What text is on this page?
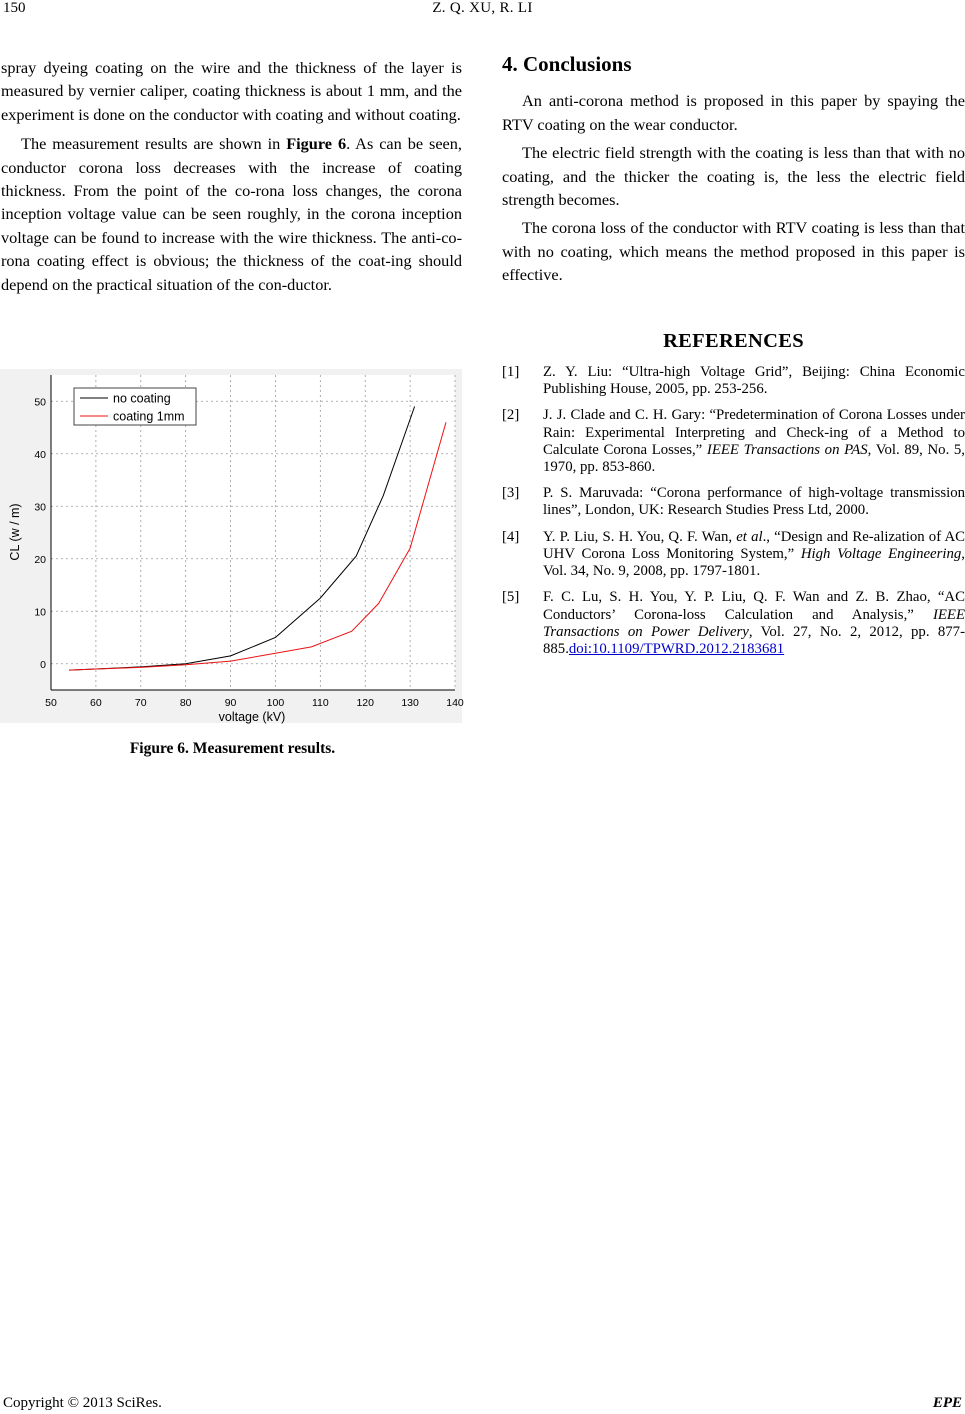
150	Z. Q. XU, R. LI

spray dyeing coating on the wire and the thickness of the layer is measured by vernier caliper, coating thickness is about 1 mm, and the experiment is done on the conductor with coating and without coating.

The measurement results are shown in Figure 6. As can be seen, conductor corona loss decreases with the increase of coating thickness. From the point of the co-rona loss changes, the corona inception voltage value can be seen roughly, in the corona inception voltage can be found to increase with the wire thickness. The anti-co-rona coating effect is obvious; the thickness of the coat-ing should depend on the practical situation of the con-ductor.

50	60	70	80	90	100	110	120	130	140
0
10
20
30
40
50
voltage (kV)
CL (w / m)
no coating
coating 1mm
Figure 6. Measurement results.
4. Conclusions

An anti-corona method is proposed in this paper by spaying the RTV coating on the wear conductor.

The electric field strength with the coating is less than that with no coating, and the thicker the coating is, the less the electric field strength becomes.

The corona loss of the conductor with RTV coating is less than that with no coating, which means the method proposed in this paper is effective.

REFERENCES
[1] Z. Y. Liu: “Ultra-high Voltage Grid”, Beijing: China Economic Publishing House, 2005, pp. 253-256.
[2] J. J. Clade and C. H. Gary: “Predetermination of Corona Losses under Rain: Experimental Interpreting and Check-ing of a Method to Calculate Corona Losses,” IEEE Transactions on PAS, Vol. 89, No. 5, 1970, pp. 853-860.
[3] P. S. Maruvada: “Corona performance of high-voltage transmission lines”, London, UK: Research Studies Press Ltd, 2000.
[4] Y. P. Liu, S. H. You, Q. F. Wan, et al., “Design and Re-alization of AC UHV Corona Loss Monitoring System,” High Voltage Engineering, Vol. 34, No. 9, 2008, pp. 1797-1801.
[5] F. C. Lu, S. H. You, Y. P. Liu, Q. F. Wan and Z. B. Zhao, “AC Conductors’ Corona-loss Calculation and Analysis,” IEEE Transactions on Power Delivery, Vol. 27, No. 2, 2012, pp. 877-885.doi:10.1109/TPWRD.2012.2183681
Copyright © 2013 SciRes.	EPE
